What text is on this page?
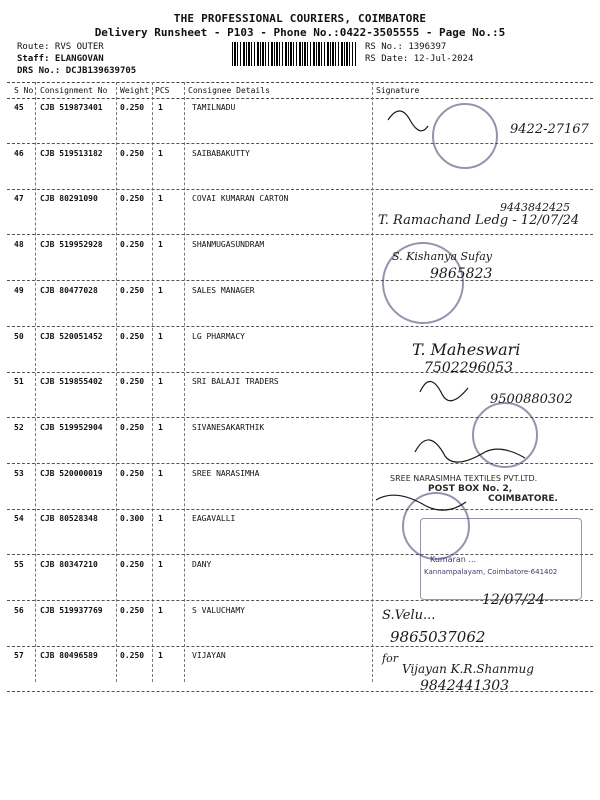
THE PROFESSIONAL COURIERS, COIMBATORE
Delivery Runsheet - P103 - Phone No.:0422-3505555 - Page No.:5
Route: RVS OUTER
Staff: ELANGOVAN
DRS No.: DCJB139639705
RS No.: 1396397
RS Date: 12-Jul-2024
S No Consignment No Weight PCS Consignee Details	Signature
45 CJB 519873401 0.250 1	TAMILNADU
46 CJB 519513182 0.250 1	SAIBABAKUTTY
47 CJB 80291090	0.250 1	COVAI KUMARAN CARTON
48 CJB 519952928 0.250 1	SHANMUGASUNDRAM
49 CJB 80477028	0.250 1	SALES MANAGER
50 CJB 520051452 0.250 1	LG PHARMACY
51 CJB 519855402 0.250 1	SRI BALAJI TRADERS
52 CJB 519952904 0.250 1	SIVANESAKARTHIK
53 CJB 520000019 0.250 1	SREE NARASIMHA
54 CJB 80528348	0.300 1	EAGAVALLI
55 CJB 80347210	0.250 1	DANY
56 CJB 519937769 0.250 1	S VALUCHAMY
57 CJB 80496589	0.250 1	VIJAYAN
9422-27167
9443842425
T. Ramachand Ledg - 12/07/24
S. Kishanya Sufay
9865823
T. Maheswari
7502296053
9500880302
SREE NARASIMHA TEXTILES PVT.LTD.
POST BOX No. 2,
COIMBATORE.
Kumaran ...
Kannampalayam, Coimbatore-641402
12/07/24
S.Velu...
9865037062
for
Vijayan K.R.Shanmug
9842441303
